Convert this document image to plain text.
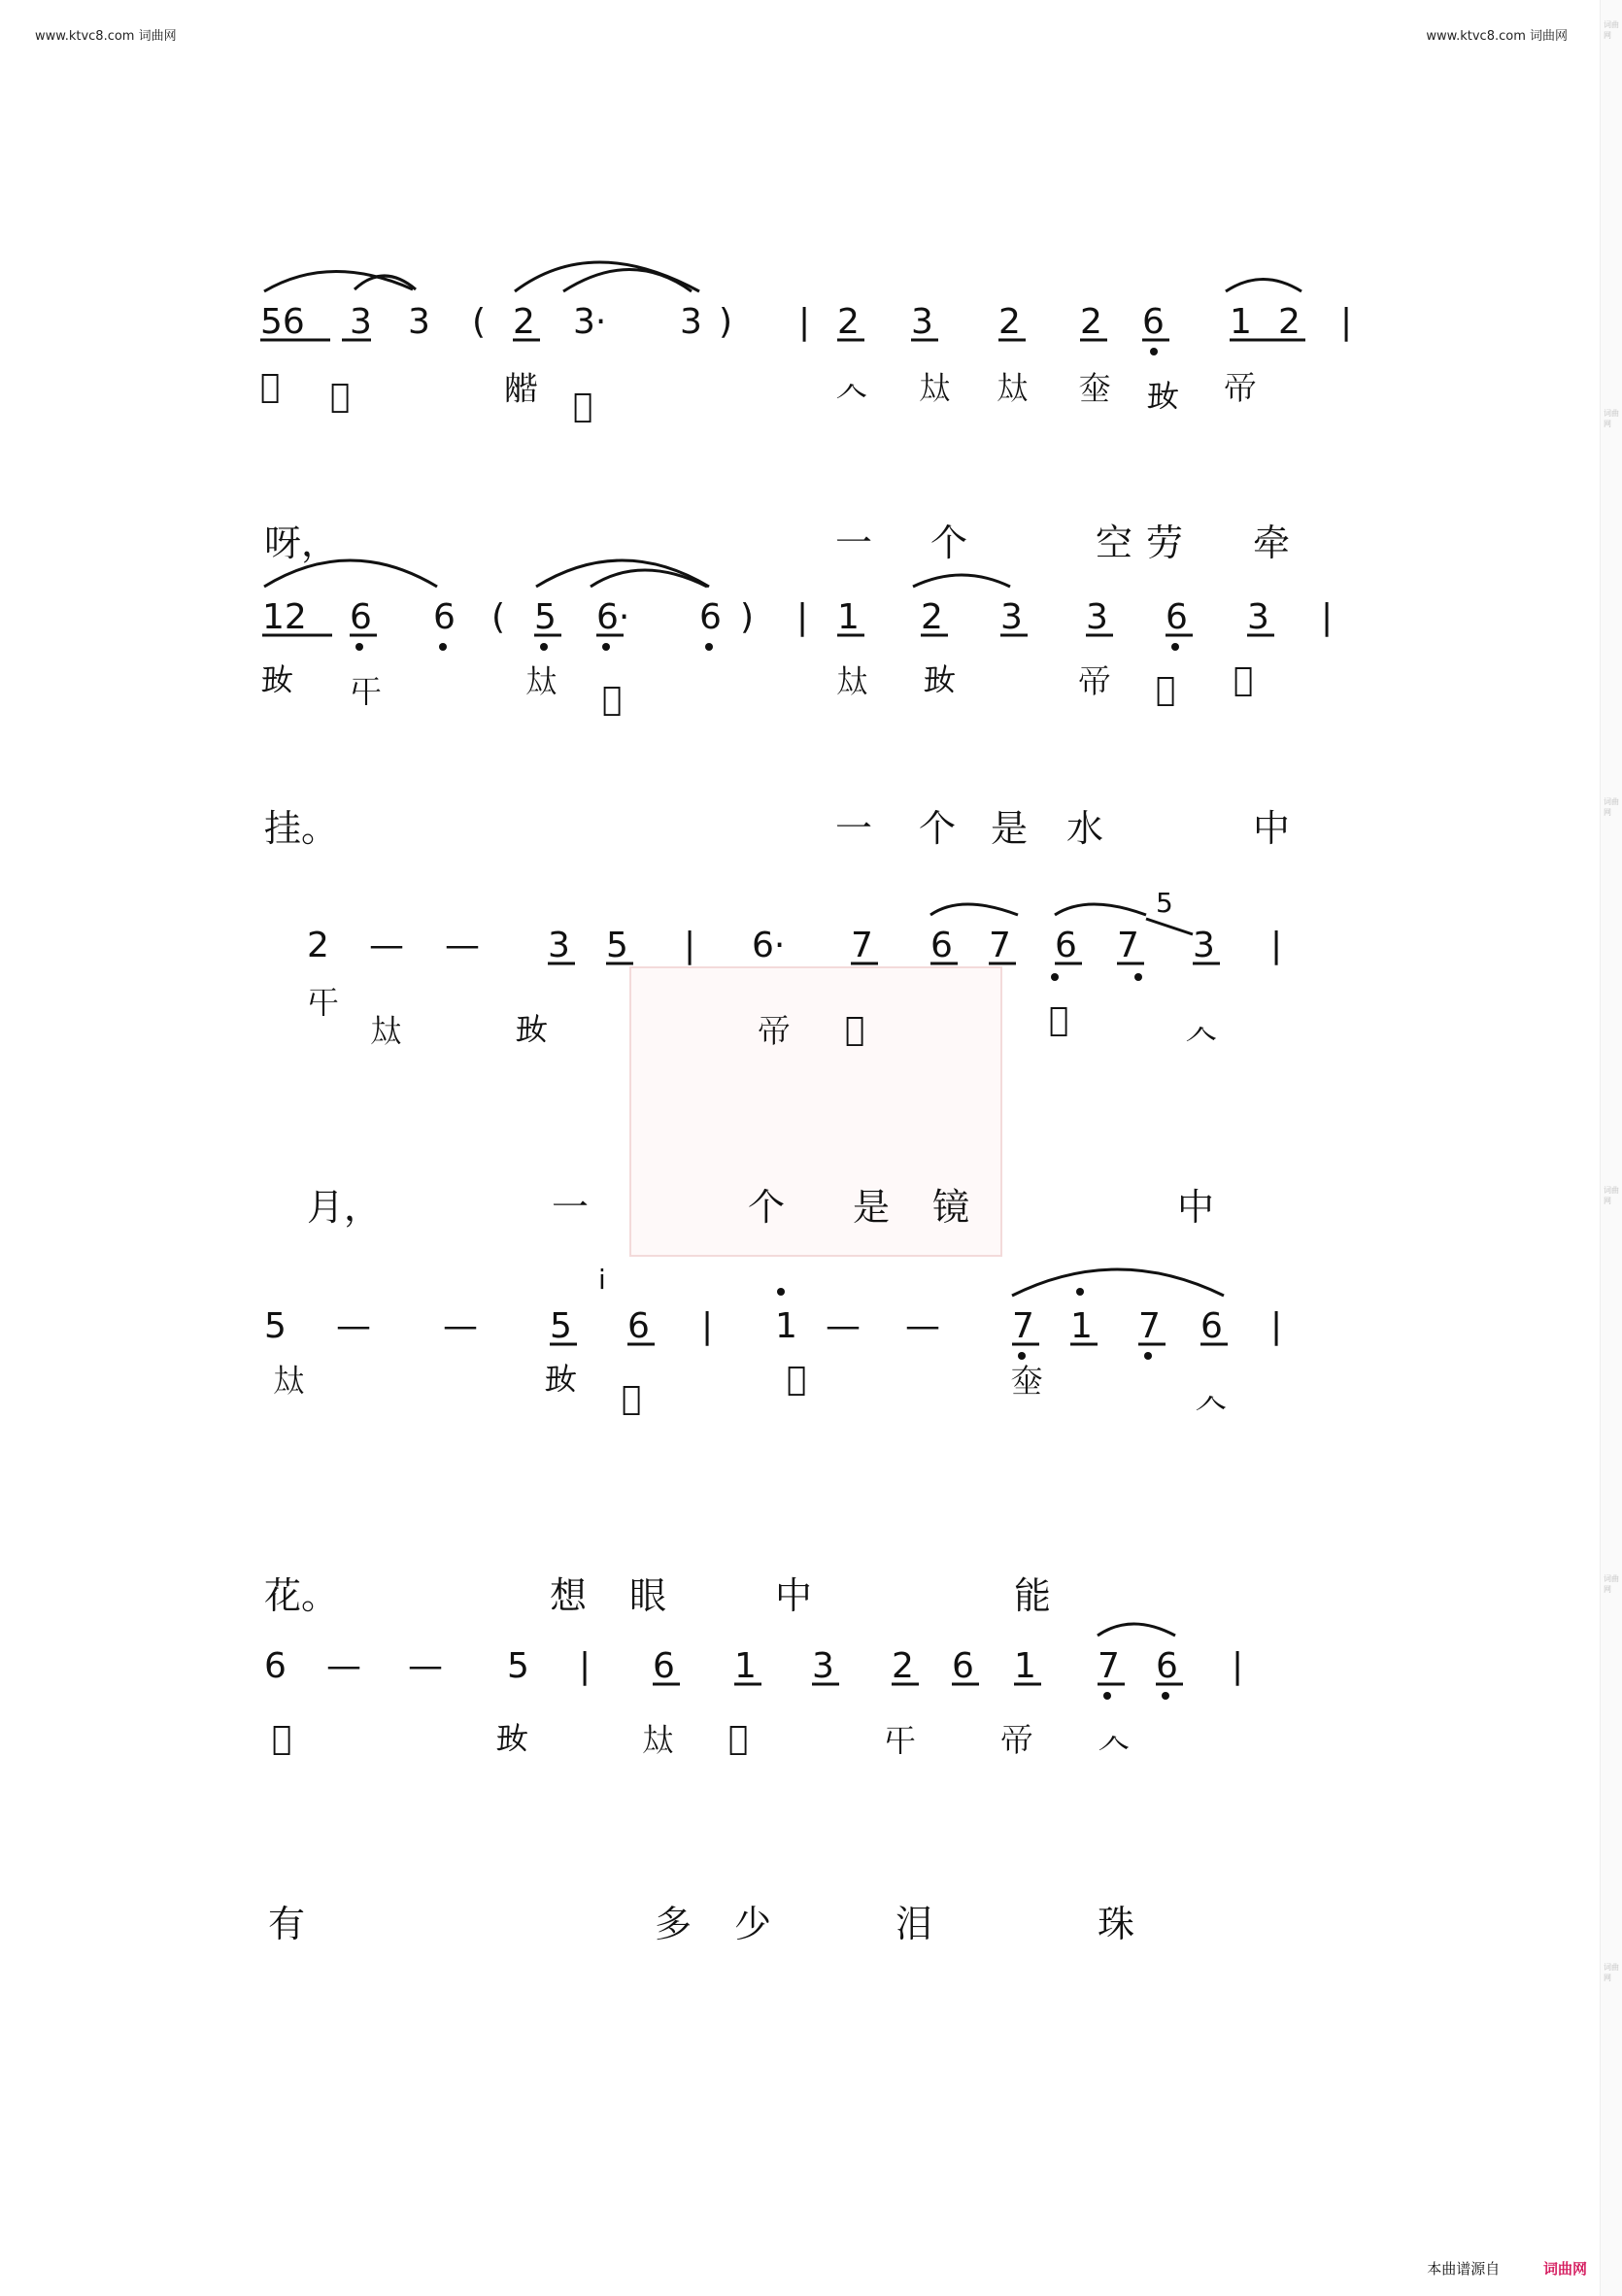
词曲网
词曲网
词曲网
词曲网
词曲网
词曲网
www.ktvc8.com 词曲网	www.ktvc8.com 词曲网
56 3 3 ( 2 3· 3 ) | 2 3 2 2 6 1 2 |
𤀾 𪱊	𦞉 𢕊	𠆢 𡘋 𡘋 𡘫 𡚽 𢂇
呀，	一 个	空劳 牵
12 6 6 ( 5 6· 6 ) | 1 2 3 3 6 3 |
𡚽 𡕒	𡘋 𠕊	𡘋 𡚽	𢂇 𡛐 𡙲
挂。	一 个 是 水	中
2 — — 3 5 | 6· 7 6 7 6 7 3 |
5
𡕒
𡘋	𡚽	𢂇 𡛐	𡙲	𠆢
月，	一	个 是 镜	中
5 — — 5 6 | 1 — — 7 1 7 6 |
i
𡘋	𡚽 𡙲	𡛐	𡘫
𠆢
花。	想 眼	中	能
6 — — 5 | 6 1 3 2 6 1 7 6 |
𡛐	𡚽	𡘋 𡙲	𡕒	𢂇 𠆢
有	多 少	泪	珠
本曲谱源自	词曲网
